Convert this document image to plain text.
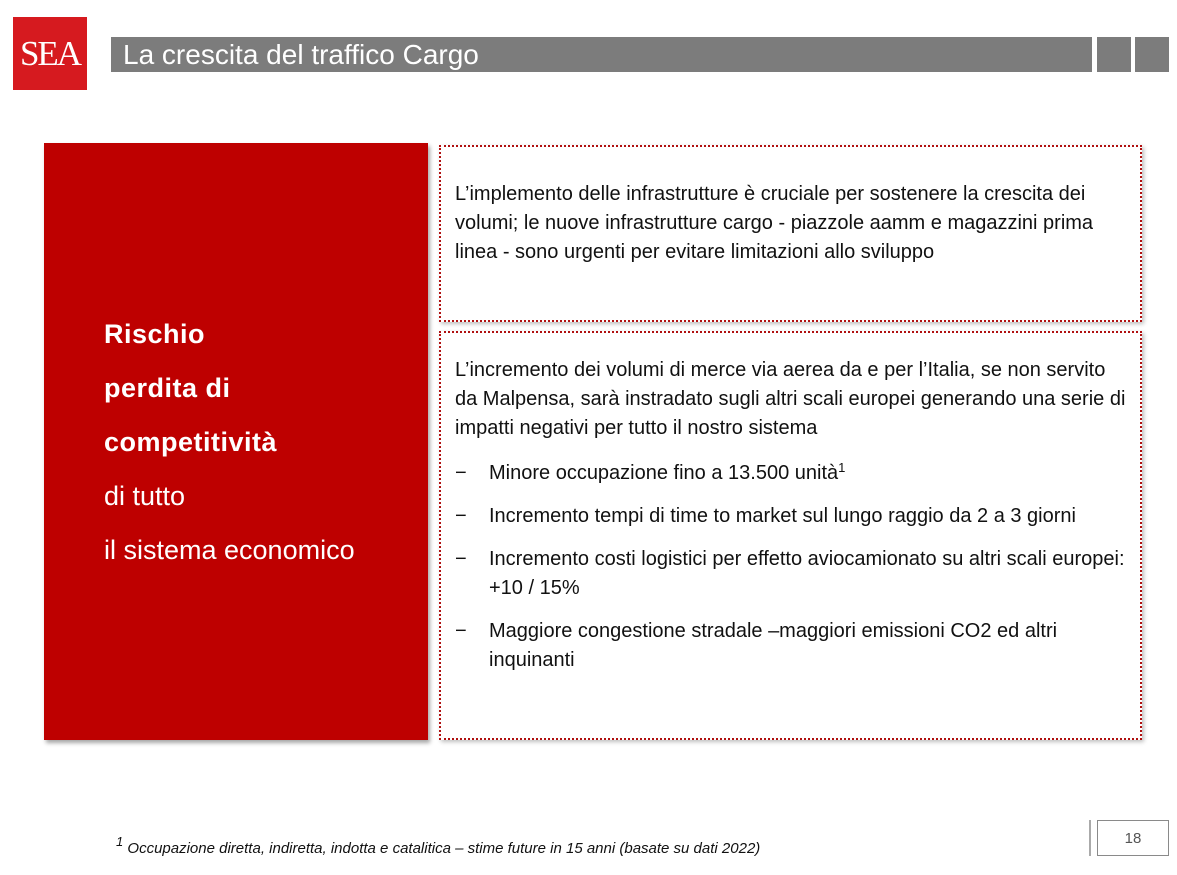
SEA	La crescita del traffico Cargo
Rischio
perdita di
competitività
di tutto
il sistema economico

L’implemento delle infrastrutture è cruciale per sostenere la crescita dei volumi; le nuove infrastrutture cargo - piazzole aamm e magazzini prima linea - sono urgenti per evitare limitazioni allo sviluppo

L’incremento dei volumi di merce via aerea da e per l’Italia, se non servito da Malpensa, sarà instradato sugli altri scali europei generando una serie di impatti negativi per tutto il nostro sistema

− Minore occupazione fino a 13.500 unità$^1$
− Incremento tempi di time to market sul lungo raggio da 2 a 3 giorni
− Incremento costi logistici per effetto aviocamionato su altri scali europei: +10 / 15%
− Maggiore congestione stradale –maggiori emissioni CO2 ed altri inquinanti
$^1$ Occupazione diretta, indiretta, indotta e catalitica – stime future in 15 anni (basate su dati 2022)
18
